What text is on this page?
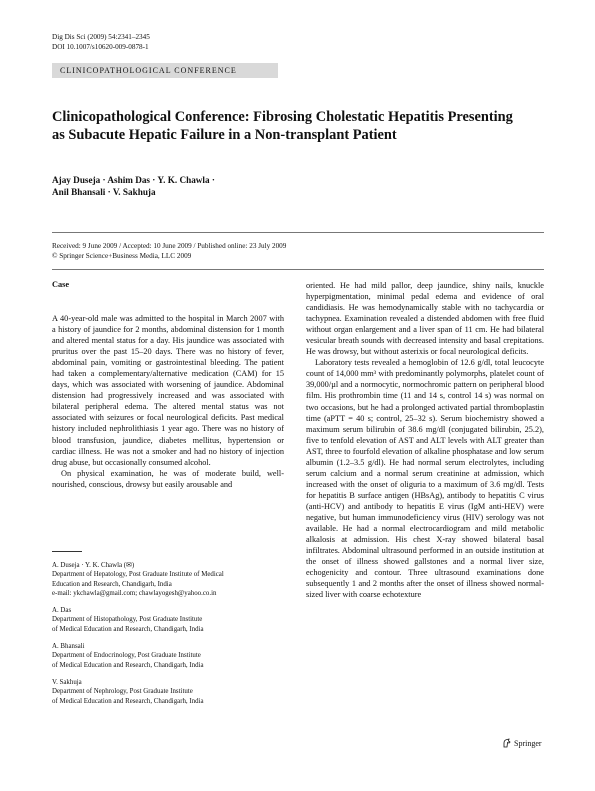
Dig Dis Sci (2009) 54:2341–2345
DOI 10.1007/s10620-009-0878-1
CLINICOPATHOLOGICAL CONFERENCE
Clinicopathological Conference: Fibrosing Cholestatic Hepatitis Presenting as Subacute Hepatic Failure in a Non-transplant Patient
Ajay Duseja · Ashim Das · Y. K. Chawla ·
Anil Bhansali · V. Sakhuja
Received: 9 June 2009 / Accepted: 10 June 2009 / Published online: 23 July 2009
© Springer Science+Business Media, LLC 2009
Case

A 40-year-old male was admitted to the hospital in March 2007 with a history of jaundice for 2 months, abdominal distension for 1 month and altered mental status for a day. His jaundice was associated with pruritus over the past 15–20 days. There was no history of fever, abdominal pain, vomiting or gastrointestinal bleeding. The patient had taken a complementary/alternative medication (CAM) for 15 days, which was associated with worsening of jaundice. Abdominal distension had progressively increased and was associated with bilateral peripheral edema. The altered mental status was not associated with seizures or focal neurological deficits. Past medical history included nephrolithiasis 1 year ago. There was no history of blood transfusion, jaundice, diabetes mellitus, hypertension or cardiac illness. He was not a smoker and had no history of injection drug abuse, but occasionally consumed alcohol.

On physical examination, he was of moderate build, well-nourished, conscious, drowsy but easily arousable and

A. Duseja · Y. K. Chawla (✉)
Department of Hepatology, Post Graduate Institute of Medical
Education and Research, Chandigarh, India
e-mail: ykchawla@gmail.com; chawlayogesh@yahoo.co.in
A. Das
Department of Histopathology, Post Graduate Institute
of Medical Education and Research, Chandigarh, India
A. Bhansali
Department of Endocrinology, Post Graduate Institute
of Medical Education and Research, Chandigarh, India
V. Sakhuja
Department of Nephrology, Post Graduate Institute
of Medical Education and Research, Chandigarh, India

oriented. He had mild pallor, deep jaundice, shiny nails, knuckle hyperpigmentation, minimal pedal edema and evidence of oral candidiasis. He was hemodynamically stable with no tachycardia or tachypnea. Examination revealed a distended abdomen with free fluid without organ enlargement and a liver span of 11 cm. He had bilateral vesicular breath sounds with decreased intensity and basal crepitations. He was drowsy, but without asterixis or focal neurological deficits.

Laboratory tests revealed a hemoglobin of 12.6 g/dl, total leucocyte count of 14,000 mm³ with predominantly polymorphs, platelet count of 39,000/µl and a normocytic, normochromic pattern on peripheral blood film. His prothrombin time (11 and 14 s, control 14 s) was normal on two occasions, but he had a prolonged activated partial thromboplastin time (aPTT = 40 s; control, 25–32 s). Serum biochemistry showed a maximum serum bilirubin of 38.6 mg/dl (conjugated bilirubin, 25.2), five to tenfold elevation of AST and ALT levels with ALT greater than AST, three to fourfold elevation of alkaline phosphatase and low serum albumin (1.2–3.5 g/dl). He had normal serum electrolytes, including serum calcium and a normal serum creatinine at admission, which increased with the onset of oliguria to a maximum of 3.6 mg/dl. Tests for hepatitis B surface antigen (HBsAg), antibody to hepatitis C virus (anti-HCV) and antibody to hepatitis E virus (IgM anti-HEV) were negative, but human immunodeficiency virus (HIV) serology was not available. He had a normal electrocardiogram and mild metabolic alkalosis at admission. His chest X-ray showed bilateral basal infiltrates. Abdominal ultrasound performed in an outside institution at the onset of illness showed gallstones and a normal liver size, echogenicity and contour. Three ultrasound examinations done subsequently 1 and 2 months after the onset of illness showed normal-sized liver with coarse echotexture

Springer
